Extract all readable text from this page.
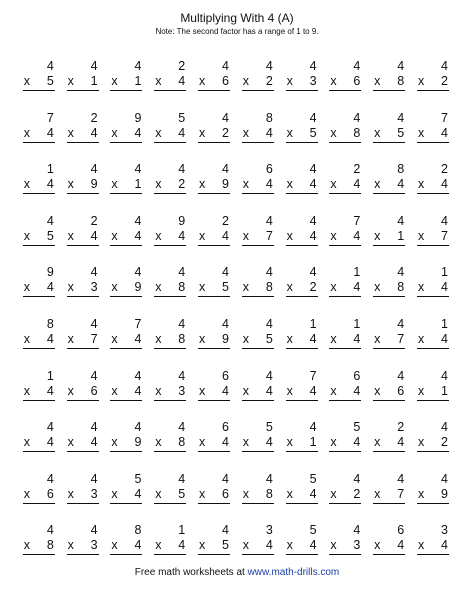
Multiplying With 4 (A)
Note: The second factor has a range of 1 to 9.
4
x 5
4
x 1
4
x 1
2
x 4
4
x 6
4
x 2
4
x 3
4
x 6
4
x 8
4
x 2
7
x 4
2
x 4
9
x 4
5
x 4
4
x 2
8
x 4
4
x 5
4
x 8
4
x 5
7
x 4
1
x 4
4
x 9
4
x 1
4
x 2
4
x 9
6
x 4
4
x 4
2
x 4
8
x 4
2
x 4
4
x 5
2
x 4
4
x 4
9
x 4
2
x 4
4
x 7
4
x 4
7
x 4
4
x 1
4
x 7
9
x 4
4
x 3
4
x 9
4
x 8
4
x 5
4
x 8
4
x 2
1
x 4
4
x 8
1
x 4
8
x 4
4
x 7
7
x 4
4
x 8
4
x 9
4
x 5
1
x 4
1
x 4
4
x 7
1
x 4
1
x 4
4
x 6
4
x 4
4
x 3
6
x 4
4
x 4
7
x 4
6
x 4
4
x 6
4
x 1
4
x 4
4
x 4
4
x 9
4
x 8
6
x 4
5
x 4
4
x 1
5
x 4
2
x 4
4
x 2
4
x 6
4
x 3
5
x 4
4
x 5
4
x 6
4
x 8
5
x 4
4
x 2
4
x 7
4
x 9
4
x 8
4
x 3
8
x 4
1
x 4
4
x 5
3
x 4
5
x 4
4
x 3
6
x 4
3
x 4
Free math worksheets at www.math-drills.com
